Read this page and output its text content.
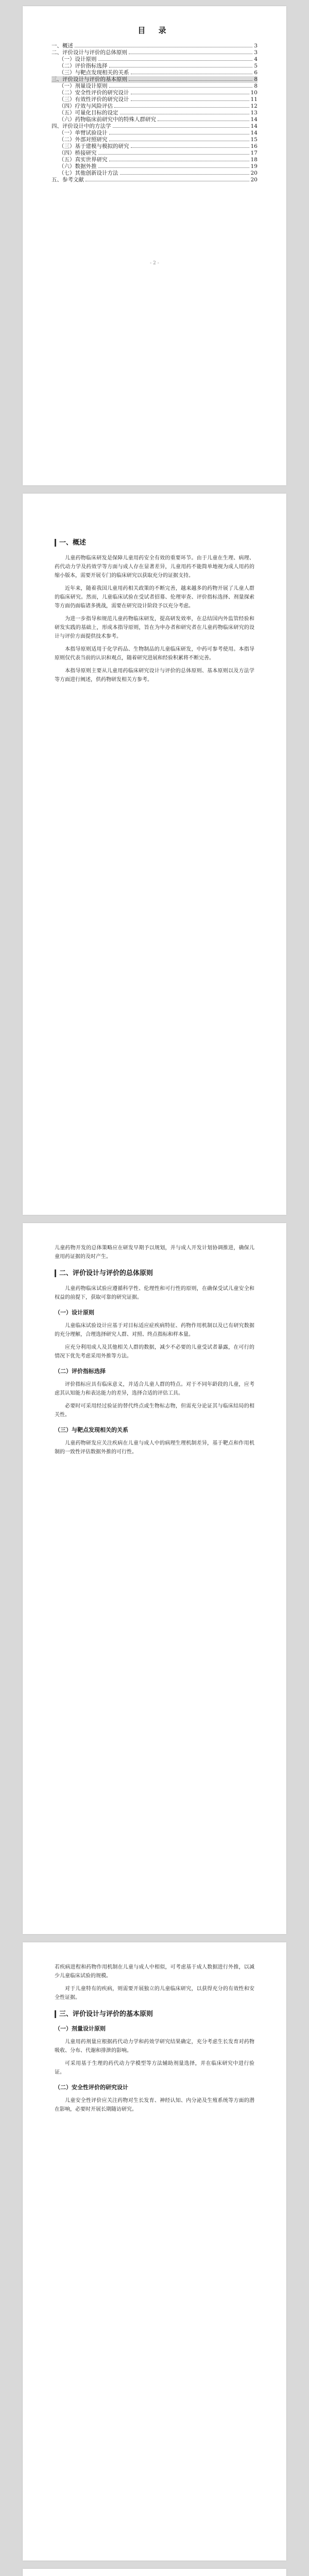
目 录
一、概述	3
二、评价设计与评价的总体原则	3
（一）设计原则	4
（二）评价指标选择	5
（三）与靶点发现相关的关系	6
三、评价设计与评价的基本原则	8
（一）剂量设计原则	8
（二）安全性评价的研究设计	10
（三）有效性评价的研究设计	11
（四）疗效与风险评估	12
（五）可量化目标的设定	13
（六）药物临床前研究中的特殊人群研究	14
四、评价设计中的方法学	14
（一）单臂试验设计	14
（二）外部对照研究	15
（三）基于建模与模拟的研究	16
（四）桥接研究	17
（五）真实世界研究	18
（六）数据外推	19
（七）其他创新设计方法	20
五、参考文献	20
- 2 -
一、概述

儿童药物临床研发是保障儿童用药安全有效的重要环节。由于儿童在生理、病理、药代动力学及药效学等方面与成人存在显著差异，儿童用药不能简单地视为成人用药的缩小版本，需要开展专门的临床研究以获取充分的证据支持。

近年来，随着我国儿童用药相关政策的不断完善，越来越多的药物开展了儿童人群的临床研究。然而，儿童临床试验在受试者招募、伦理审查、评价指标选择、剂量探索等方面仍面临诸多挑战，需要在研究设计阶段予以充分考虑。

为进一步指导和规范儿童药物临床研发，提高研发效率，在总结国内外监管经验和研发实践的基础上，形成本指导原则，旨在为申办者和研究者在儿童药物临床研究的设计与评价方面提供技术参考。

本指导原则适用于化学药品、生物制品的儿童临床研发，中药可参考使用。本指导原则仅代表当前的认识和观点，随着研究进展和经验积累将不断完善。

本指导原则主要从儿童用药临床研究设计与评价的总体原则、基本原则以及方法学等方面进行阐述，供药物研发相关方参考。

儿童药物开发的总体策略应在研发早期予以规划，并与成人开发计划协调推进，确保儿童用药证据的及时产生。

二、评价设计与评价的总体原则

儿童药物临床试验应遵循科学性、伦理性和可行性的原则，在确保受试儿童安全和权益的前提下，获取可靠的研究证据。

（一）设计原则

儿童临床试验设计应基于对目标适应症疾病特征、药物作用机制以及已有研究数据的充分理解，合理选择研究人群、对照、终点指标和样本量。

应充分利用成人及其他相关人群的数据，减少不必要的儿童受试者暴露，在可行的情况下优先考虑采用外推等方法。

（二）评价指标选择

评价指标应具有临床意义，并适合儿童人群的特点。对于不同年龄段的儿童，应考虑其认知能力和表达能力的差异，选择合适的评估工具。

必要时可采用经过验证的替代终点或生物标志物，但需充分论证其与临床结局的相关性。

（三）与靶点发现相关的关系

儿童药物研发应关注疾病在儿童与成人中的病理生理机制差异，基于靶点和作用机制的一致性评估数据外推的可行性。

若疾病进程和药物作用机制在儿童与成人中相似，可考虑基于成人数据进行外推，以减少儿童临床试验的规模。

对于儿童特有的疾病，则需要开展独立的儿童临床研究，以获得充分的有效性和安全性证据。

三、评价设计与评价的基本原则
（一）剂量设计原则

儿童用药剂量应根据药代动力学和药效学研究结果确定，充分考虑生长发育对药物吸收、分布、代谢和排泄的影响。

可采用基于生理的药代动力学模型等方法辅助剂量选择，并在临床研究中进行验证。

（二）安全性评价的研究设计

儿童安全性评价应关注药物对生长发育、神经认知、内分泌及生殖系统等方面的潜在影响，必要时开展长期随访研究。
